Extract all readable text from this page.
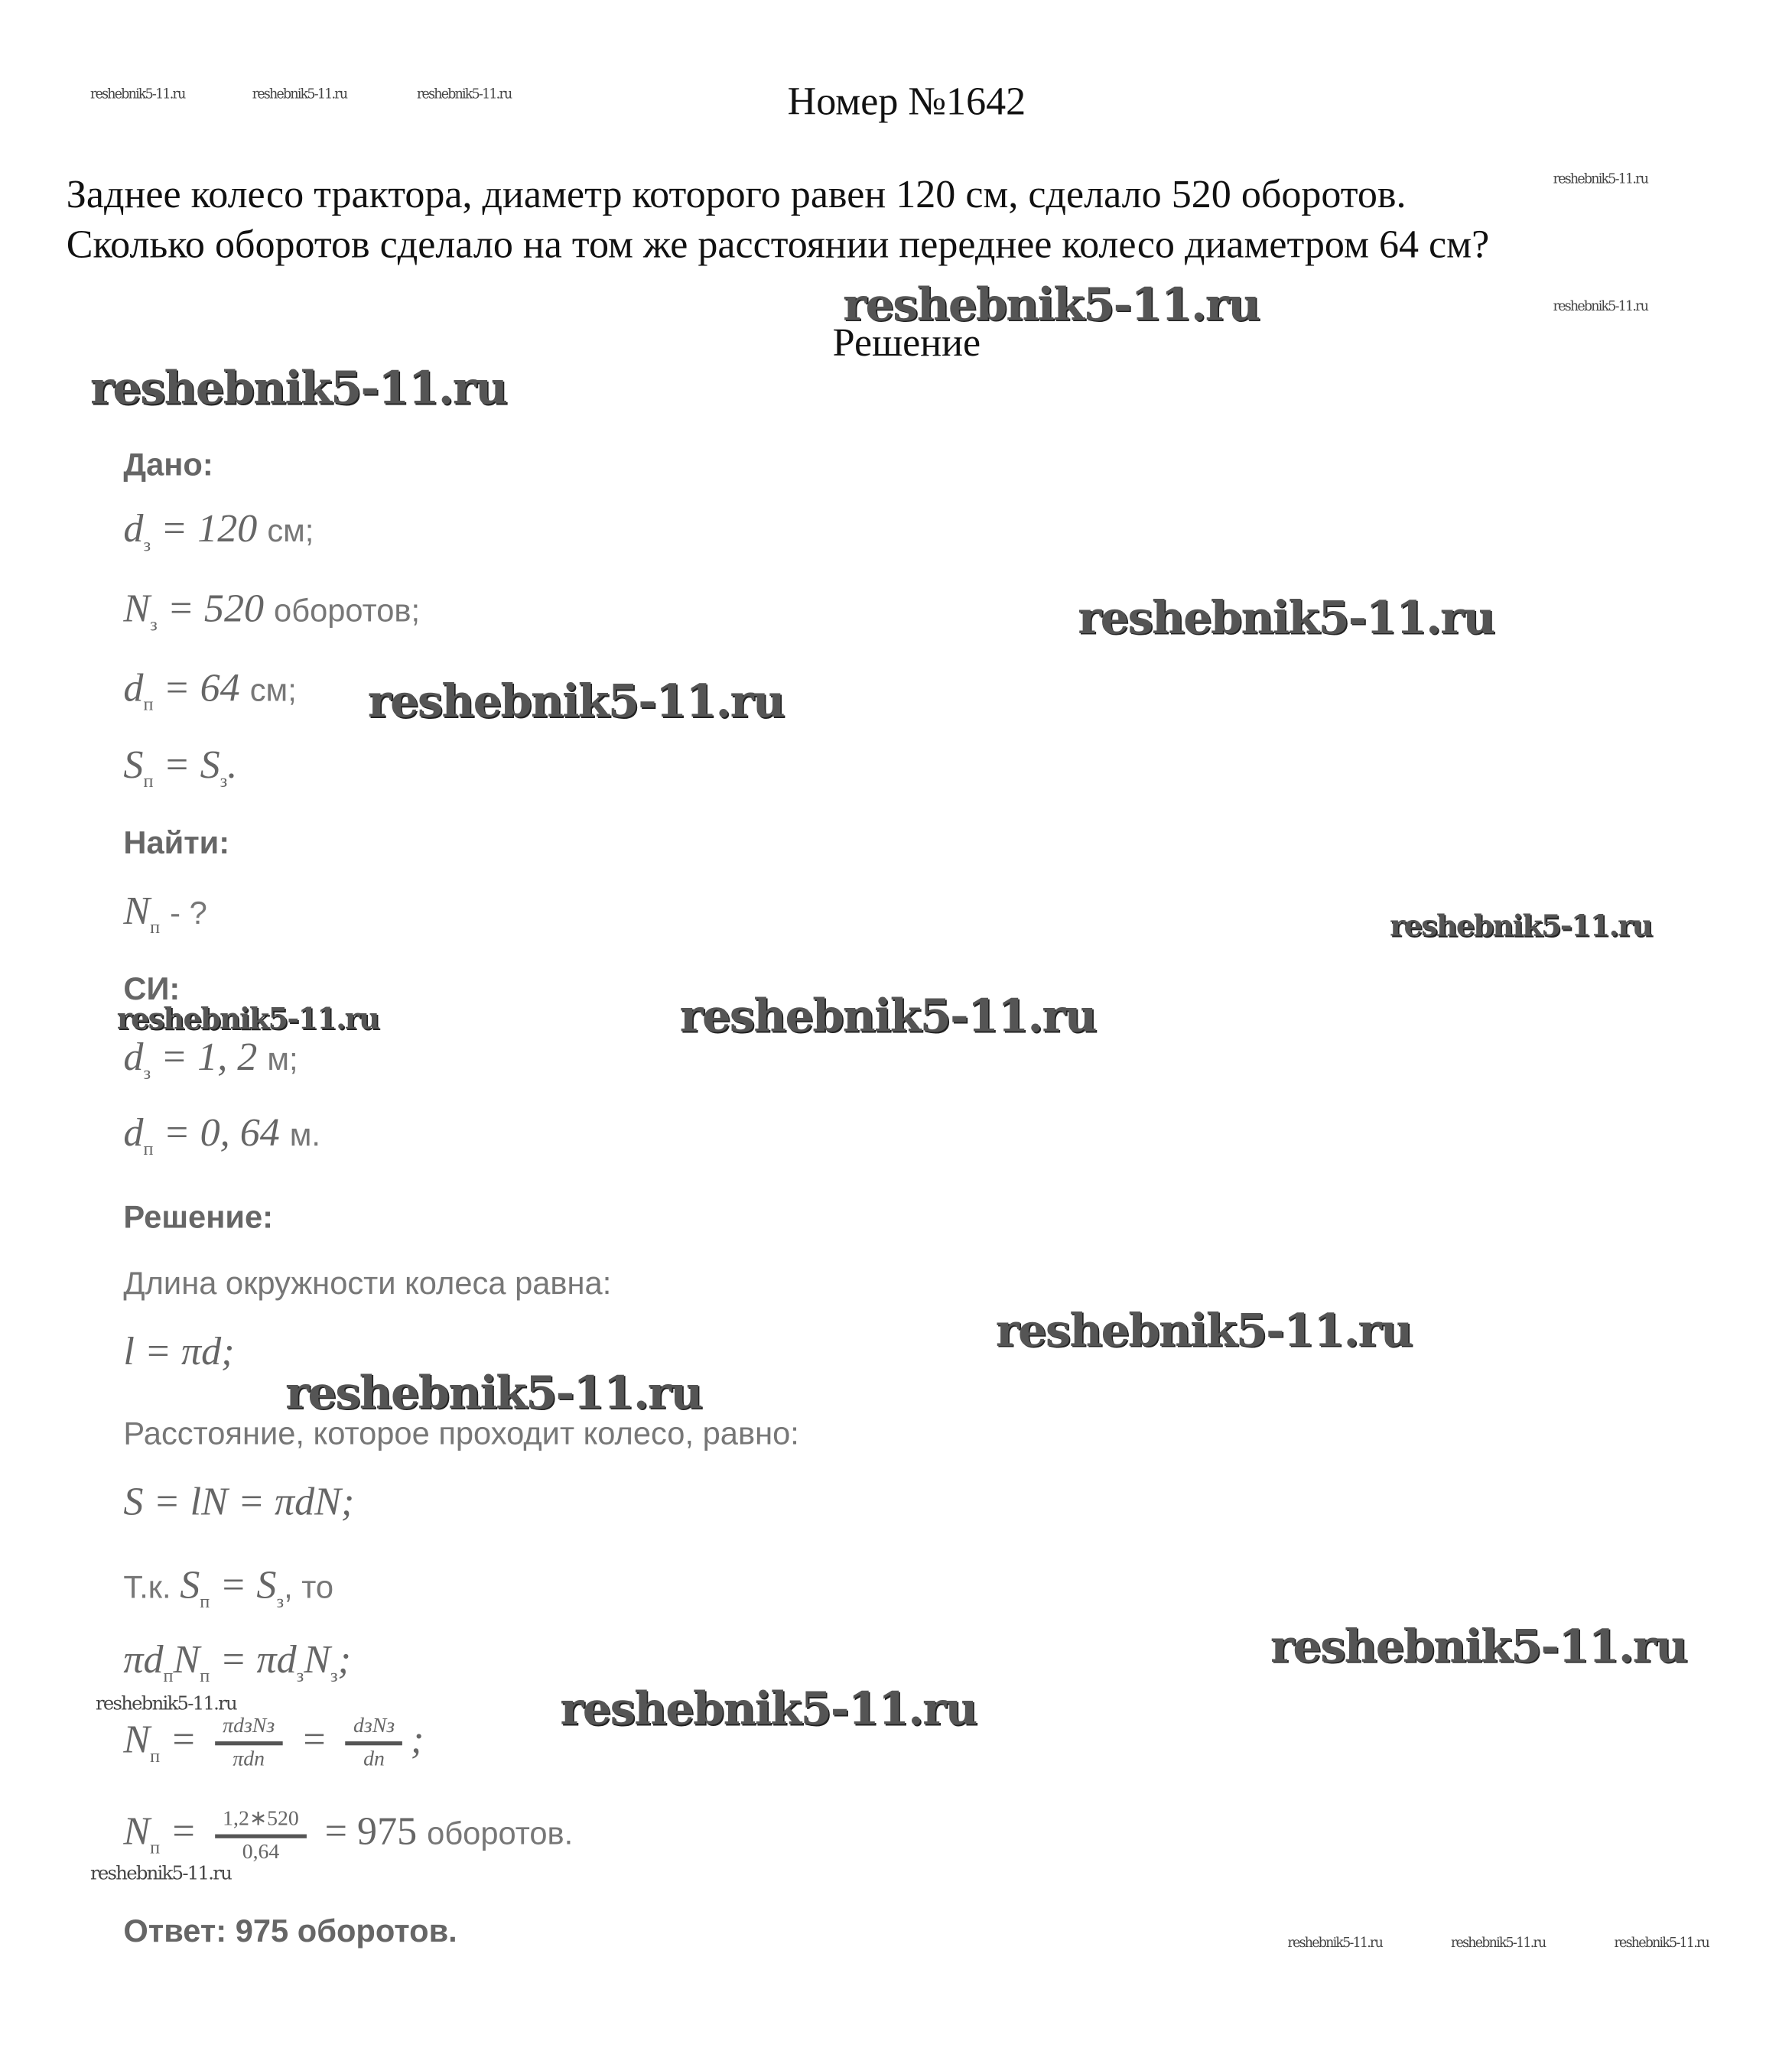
reshebnik5-11.ru	reshebnik5-11.ru	reshebnik5-11.ru	Номер №1642
Заднее колесо трактора, диаметр которого равен 120 см, сделало 520 оборотов.
Сколько оборотов сделало на том же расстоянии переднее колесо диаметром 64 см?
reshebnik5-11.ru
reshebnik5-11.ru
reshebnik5-11.ru
Решение
reshebnik5-11.ru
Дано:
$d_з = 120$ см;
$N_з = 520$ оборотов;
$d_п = 64$ см;
$S_п = S_з$.
reshebnik5-11.ru
reshebnik5-11.ru
Найти:
$N_п$ - ?	reshebnik5-11.ru
СИ:
reshebnik5-11.ru	reshebnik5-11.ru
$d_з = 1$, 2 м;
$d_п = 0$, 64 м.
Решение:
Длина окружности колеса равна:
l = πd;	reshebnik5-11.ru
reshebnik5-11.ru
Расстояние, которое проходит колесо, равно:
S = lN = πdN;
Т.к. $S_п = S_з$, то
$\pi d_пN_п = \pi d_зN_з$;	reshebnik5-11.ru
reshebnik5-11.ru
reshebnik5-11.ru
$N_п = \frac{\text{πdзNз}}{\text{πdп}} = \frac{\text{dзNз}}{dп}$ ;
$N_п = \frac{1,2∗520}{0,64} = 975$ оборотов.
reshebnik5-11.ru
Ответ: 975 оборотов.	reshebnik5-11.ru	reshebnik5-11.ru	reshebnik5-11.ru
